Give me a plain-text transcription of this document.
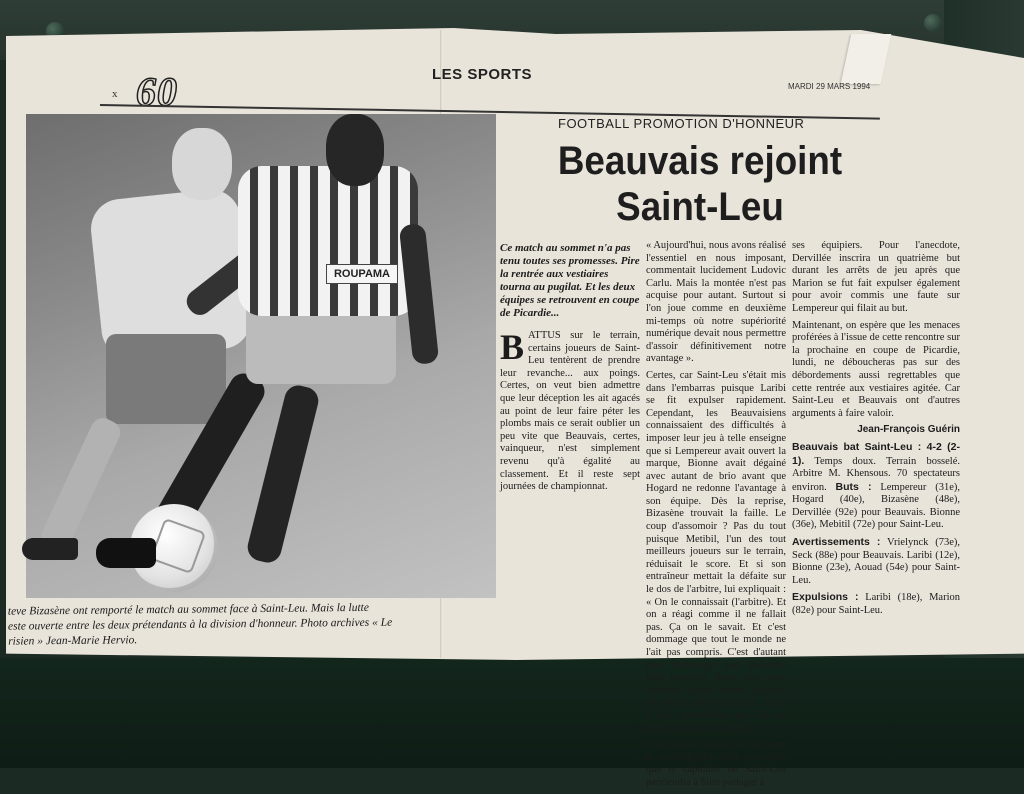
x 60	LES SPORTS
MARDI 29 MARS 1994
ROUPAMA
teve Bizasène ont remporté le match au sommet face à Saint-Leu. Mais la lutte
este ouverte entre les deux prétendants à la division d'honneur. Photo archives « Le
risien » Jean-Marie Hervio.
FOOTBALL PROMOTION D'HONNEUR
Beauvais rejoint
Saint-Leu

Ce match au sommet n'a pas tenu toutes ses promesses. Pire la rentrée aux vestiaires tourna au pugilat. Et les deux équipes se retrouvent en coupe de Picardie...

BATTUS sur le terrain, certains joueurs de Saint-Leu tentèrent de prendre leur revanche... aux poings. Certes, on veut bien admettre que leur déception les ait agacés au point de leur faire péter les plombs mais ce serait oublier un peu vite que Beauvais, certes, vainqueur, n'est simplement revenu qu'à égalité au classement. Et il reste sept journées de championnat.

« Aujourd'hui, nous avons réalisé l'essentiel en nous imposant, commentait lucidement Ludovic Carlu. Mais la montée n'est pas acquise pour autant. Surtout si l'on joue comme en deuxième mi-temps où notre supériorité numérique devait nous permettre d'assoir définitivement notre avantage ».

Certes, car Saint-Leu s'était mis dans l'embarras puisque Laribi se fit expulser rapidement. Cependant, les Beauvaisiens connaissaient des difficultés à imposer leur jeu à telle enseigne que si Lempereur avait ouvert la marque, Bionne avait dégainé avec autant de brio avant que Hogard ne redonne l'avantage à son équipe. Dès la reprise, Bizasène trouvait la faille. Le coup d'assomoir ? Pas du tout puisque Metibil, l'un des tout meilleurs joueurs sur le terrain, réduisait le score. Et si son entraîneur mettait la défaite sur le dos de l'arbitre, lui expliquait : « On le connaissait (l'arbitre). Et on a réagi comme il ne fallait pas. Ça on le savait. Et c'est dommage que tout le monde ne l'ait pas compris. C'est d'autant plus dommage que Beauvais était prenable. Reste que nous sommes quand même toujours en course. Rien est perdu. Mais il faut comprendre que l'on ne joue pas avec les arbitres ».

Une analyse pleine de bon sens et d'intelligence dont on espère que le capitaine de Saint-Leu parviendra à faire partager à

ses équipiers. Pour l'anecdote, Dervillée inscrira un quatrième but durant les arrêts de jeu après que Marion se fut fait expulser également pour avoir commis une faute sur Lempereur qui filait au but.

Maintenant, on espère que les menaces proférées à l'issue de cette rencontre sur la prochaine en coupe de Picardie, lundi, ne déboucheras pas sur des débordements aussi regrettables que cette rentrée aux vestiaires agitée. Car Saint-Leu et Beauvais ont d'autres arguments à faire valoir.

Jean-François Guérin

Beauvais bat Saint-Leu : 4-2 (2-1). Temps doux. Terrain bosselé. Arbitre M. Khensous. 70 spectateurs environ. Buts : Lempereur (31e), Hogard (40e), Bizasène (48e), Dervillée (92e) pour Beauvais. Bionne (36e), Mebitil (72e) pour Saint-Leu.

Avertissements : Vrielynck (73e), Seck (88e) pour Beauvais. Laribi (12e), Bionne (23e), Aouad (54e) pour Saint-Leu.

Expulsions : Laribi (18e), Marion (82e) pour Saint-Leu.
